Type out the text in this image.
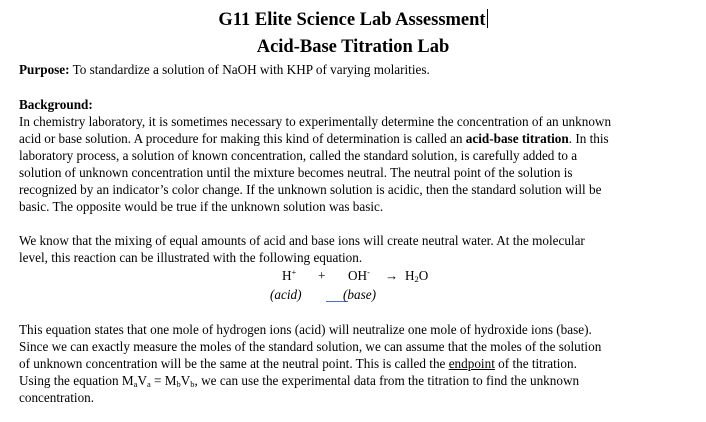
G11 Elite Science Lab Assessment
Acid-Base Titration Lab
Purpose: To standardize a solution of NaOH with KHP of varying molarities.
Background:
In chemistry laboratory, it is sometimes necessary to experimentally determine the concentration of an unknown
acid or base solution. A procedure for making this kind of determination is called an acid-base titration. In this
laboratory process, a solution of known concentration, called the standard solution, is carefully added to a
solution of unknown concentration until the mixture becomes neutral. The neutral point of the solution is
recognized by an indicator’s color change. If the unknown solution is acidic, then the standard solution will be
basic. The opposite would be true if the unknown solution was basic.
We know that the mixing of equal amounts of acid and base ions will create neutral water. At the molecular
level, this reaction can be illustrated with the following equation.
$H^+ + OH^- \to H_2O$
(acid)	(base)
This equation states that one mole of hydrogen ions (acid) will neutralize one mole of hydroxide ions (base).
Since we can exactly measure the moles of the standard solution, we can assume that the moles of the solution
of unknown concentration will be the same at the neutral point. This is called the endpoint of the titration.
Using the equation $M_aV_a = M_bV_b$, we can use the experimental data from the titration to find the unknown
concentration.
